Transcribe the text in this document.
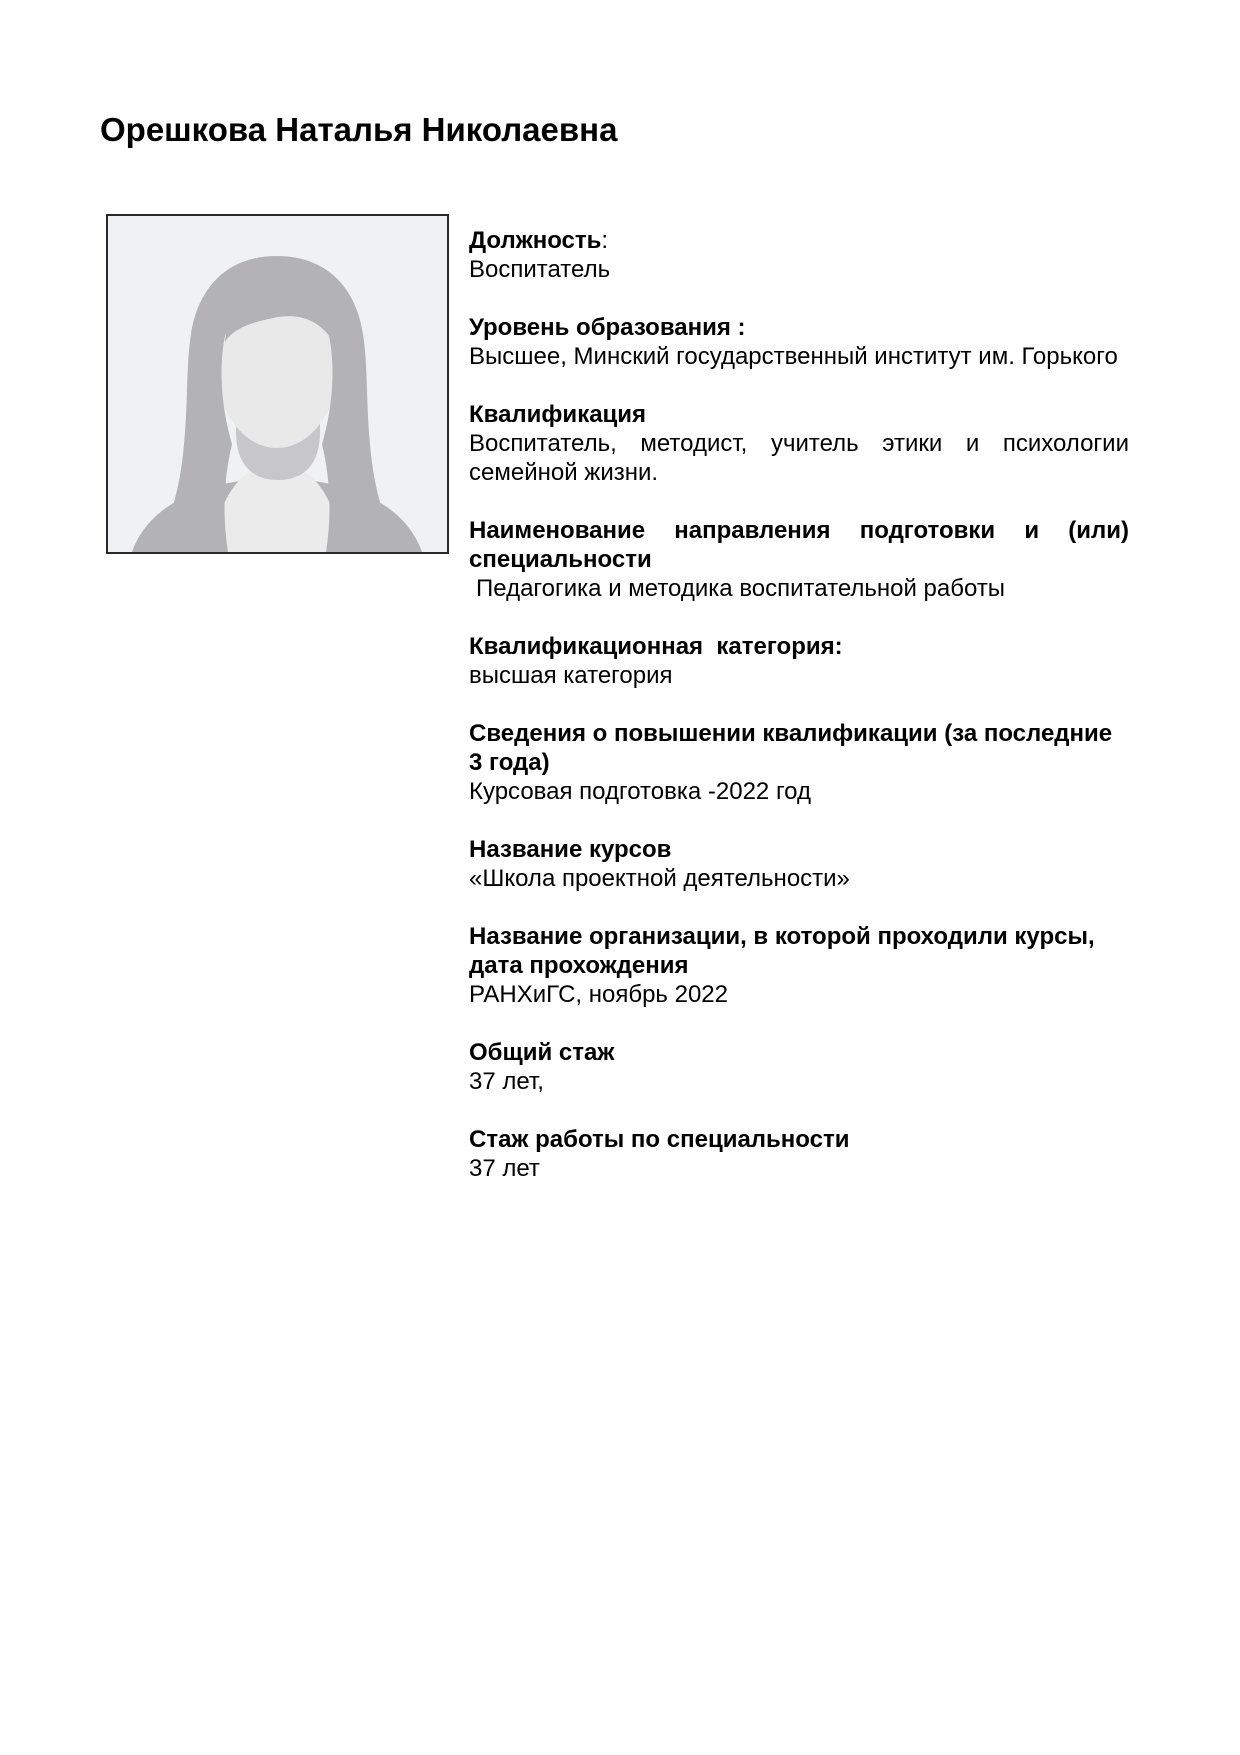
Орешкова Наталья Николаевна
Должность:
Воспитатель
Уровень образования :
Высшее, Минский государственный институт им. Горького
Квалификация
Воспитатель, методист, учитель этики и психологии семейной жизни.
Наименование направления подготовки и (или) специальности
Педагогика и методика воспитательной работы
Квалификационная  категория:
высшая категория
Сведения о повышении квалификации (за последние 3 года)
Курсовая подготовка -2022 год
Название курсов
«Школа проектной деятельности»
Название организации, в которой проходили курсы, дата прохождения
РАНХиГС, ноябрь 2022
Общий стаж
37 лет,
Стаж работы по специальности
37 лет
